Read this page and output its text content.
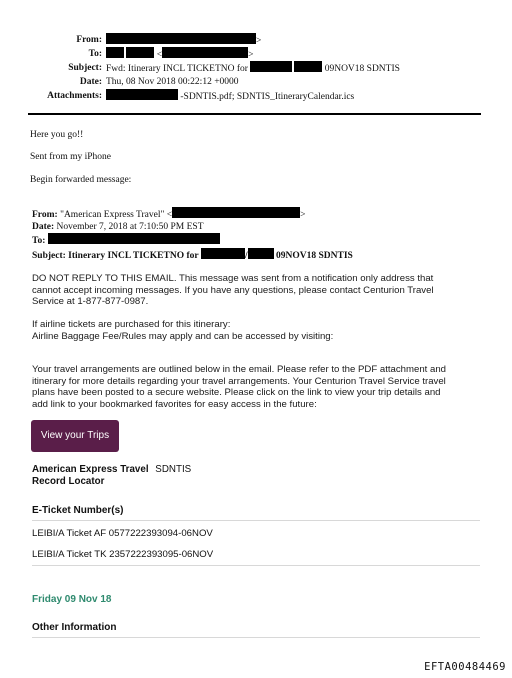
From:	>
To:	<	>
Subject: Fwd: Itinerary INCL TICKETNO for	09NOV18 SDNTIS
Date: Thu, 08 Nov 2018 00:22:12 +0000
Attachments:	-SDNTIS.pdf; SDNTIS_ItineraryCalendar.ics
Here you go!!
Sent from my iPhone
Begin forwarded message:
From: "American Express Travel" <	>
Date: November 7, 2018 at 7:10:50 PM EST
To:
Subject: Itinerary INCL TICKETNO for	/	09NOV18 SDNTIS
DO NOT REPLY TO THIS EMAIL. This message was sent from a notification only address that
cannot accept incoming messages. If you have any questions, please contact Centurion Travel
Service at 1-877-877-0987.
If airline tickets are purchased for this itinerary:
Airline Baggage Fee/Rules may apply and can be accessed by visiting:
Your travel arrangements are outlined below in the email. Please refer to the PDF attachment and
itinerary for more details regarding your travel arrangements. Your Centurion Travel Service travel
plans have been posted to a secure website. Please click on the link to view your trip details and
add link to your bookmarked favorites for easy access in the future:
View your Trips
American Express Travel SDNTIS
Record Locator
E-Ticket Number(s)
LEIBI/A Ticket AF 0577222393094-06NOV
LEIBI/A Ticket TK 2357222393095-06NOV
Friday 09 Nov 18
Other Information
EFTA00484469
